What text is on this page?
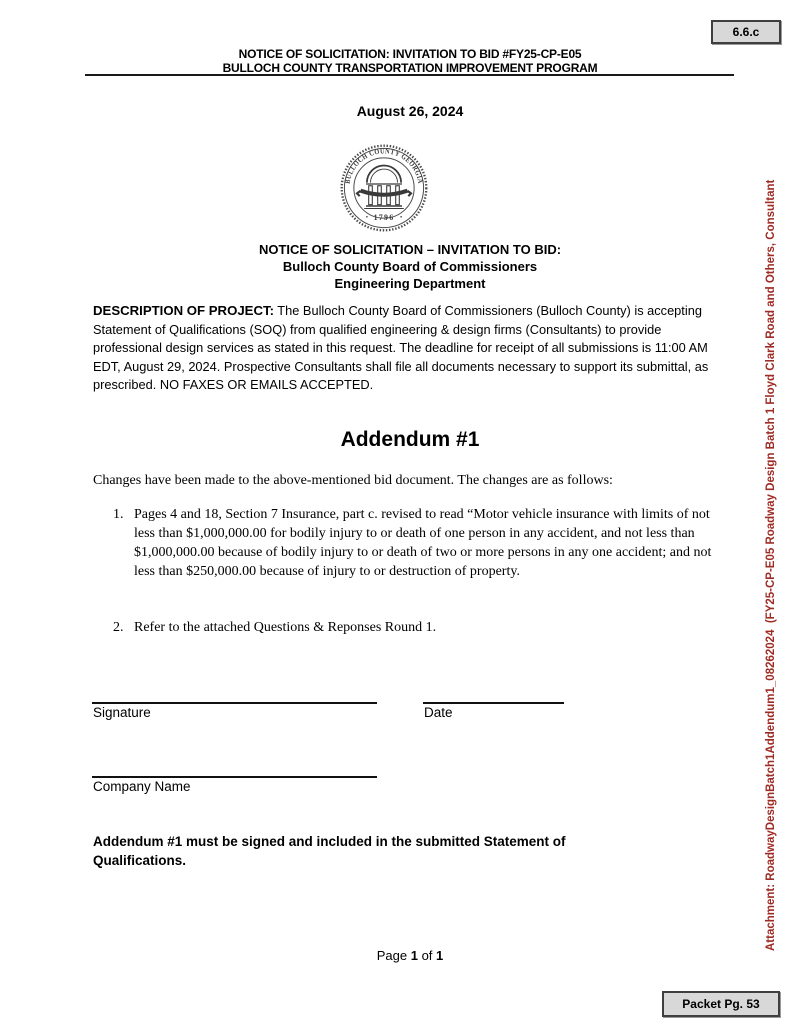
6.6.c
NOTICE OF SOLICITATION: INVITATION TO BID #FY25-CP-E05
BULLOCH COUNTY TRANSPORTATION IMPROVEMENT PROGRAM
August 26, 2024
BULLOCH COUNTY GEORGIA
1796
NOTICE OF SOLICITATION – INVITATION TO BID:
Bulloch County Board of Commissioners
Engineering Department

DESCRIPTION OF PROJECT: The Bulloch County Board of Commissioners (Bulloch County) is accepting Statement of Qualifications (SOQ) from qualified engineering & design firms (Consultants) to provide professional design services as stated in this request. The deadline for receipt of all submissions is 11:00 AM EDT, August 29, 2024. Prospective Consultants shall file all documents necessary to support its submittal, as prescribed. NO FAXES OR EMAILS ACCEPTED.

Addendum #1

Changes have been made to the above-mentioned bid document. The changes are as follows:

1. Pages 4 and 18, Section 7 Insurance, part c. revised to read “Motor vehicle insurance with limits of not less than $1,000,000.00 for bodily injury to or death of one person in any accident, and not less than $1,000,000.00 because of bodily injury to or death of two or more persons in any one accident; and not less than $250,000.00 because of injury to or destruction of property.
2. Refer to the attached Questions & Reponses Round 1.
Signature	Date
Company Name
Addendum #1 must be signed and included in the submitted Statement of Qualifications.
Page 1 of 1
Attachment: RoadwayDesignBatch1Addendum1_08262024  (FY25-CP-E05 Roadway Design Batch 1 Floyd Clark Road and Others, Consultant
Packet Pg. 53
